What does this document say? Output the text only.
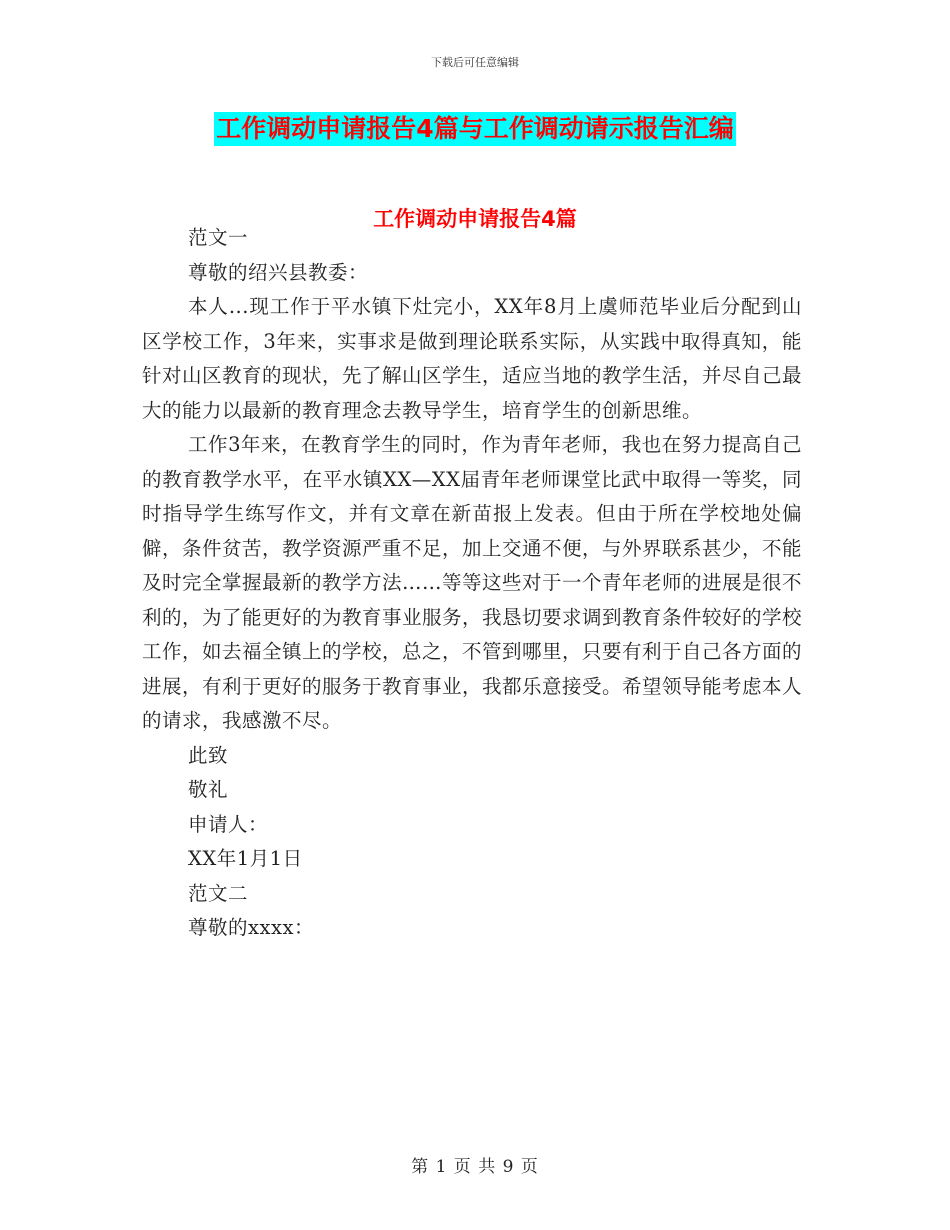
下载后可任意编辑
工作调动申请报告4篇与工作调动请示报告汇编
工作调动申请报告4篇

范文一

尊敬的绍兴县教委：

本人...现工作于平水镇下灶完小，XX年8月上虞师范毕业后分配到山区学校工作，3年来，实事求是做到理论联系实际，从实践中取得真知，能针对山区教育的现状，先了解山区学生，适应当地的教学生活，并尽自己最大的能力以最新的教育理念去教导学生，培育学生的创新思维。

工作3年来，在教育学生的同时，作为青年老师，我也在努力提高自己的教育教学水平，在平水镇XX—XX届青年老师课堂比武中取得一等奖，同时指导学生练写作文，并有文章在新苗报上发表。但由于所在学校地处偏僻，条件贫苦，教学资源严重不足，加上交通不便，与外界联系甚少，不能及时完全掌握最新的教学方法……等等这些对于一个青年老师的进展是很不利的，为了能更好的为教育事业服务，我恳切要求调到教育条件较好的学校工作，如去福全镇上的学校，总之，不管到哪里，只要有利于自己各方面的进展，有利于更好的服务于教育事业，我都乐意接受。希望领导能考虑本人的请求，我感激不尽。

此致

敬礼

申请人：

XX年1月1日

范文二

尊敬的xxxx：

第 1 页 共 9 页
